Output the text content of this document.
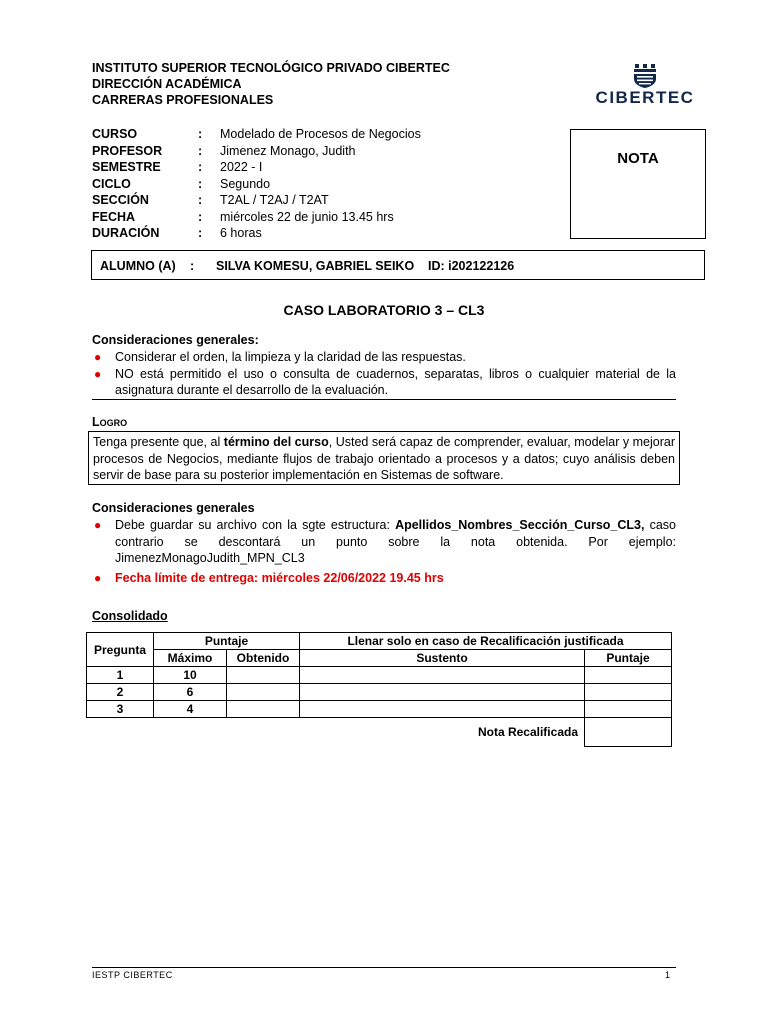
INSTITUTO SUPERIOR TECNOLÓGICO PRIVADO CIBERTEC
DIRECCIÓN ACADÉMICA
CARRERAS PROFESIONALES	CIBERTEC
CURSO	:	Modelado de Procesos de Negocios
PROFESOR	:	Jimenez Monago, Judith
SEMESTRE	:	2022 - I
CICLO	:	Segundo
SECCIÓN	:	T2AL / T2AJ / T2AT
FECHA	:	miércoles 22 de junio 13.45 hrs
DURACIÓN	:	6 horas
NOTA
ALUMNO (A) : SILVA KOMESU, GABRIEL SEIKO ID: i202122126
CASO LABORATORIO 3 – CL3
Consideraciones generales:
● Considerar el orden, la limpieza y la claridad de las respuestas.
● NO está permitido el uso o consulta de cuadernos, separatas, libros o cualquier material de la asignatura durante el desarrollo de la evaluación.
Logro
Tenga presente que, al término del curso, Usted será capaz de comprender, evaluar, modelar y mejorar procesos de Negocios, mediante flujos de trabajo orientado a procesos y a datos; cuyo análisis deben servir de base para su posterior implementación en Sistemas de software.
Consideraciones generales
● Debe guardar su archivo con la sgte estructura: Apellidos_Nombres_Sección_Curso_CL3, caso contrario se descontará un punto sobre la nota obtenida. Por ejemplo: JimenezMonagoJudith_MPN_CL3
● Fecha límite de entrega: miércoles 22/06/2022 19.45 hrs
Consolidado
Pregunta	Puntaje		Llenar solo en caso de Recalificación justificada	
	Máximo	Obtenido	Sustento	Puntaje
1	10			
2	6			
3	4			
Nota Recalificada				
IESTP CIBERTEC	1
